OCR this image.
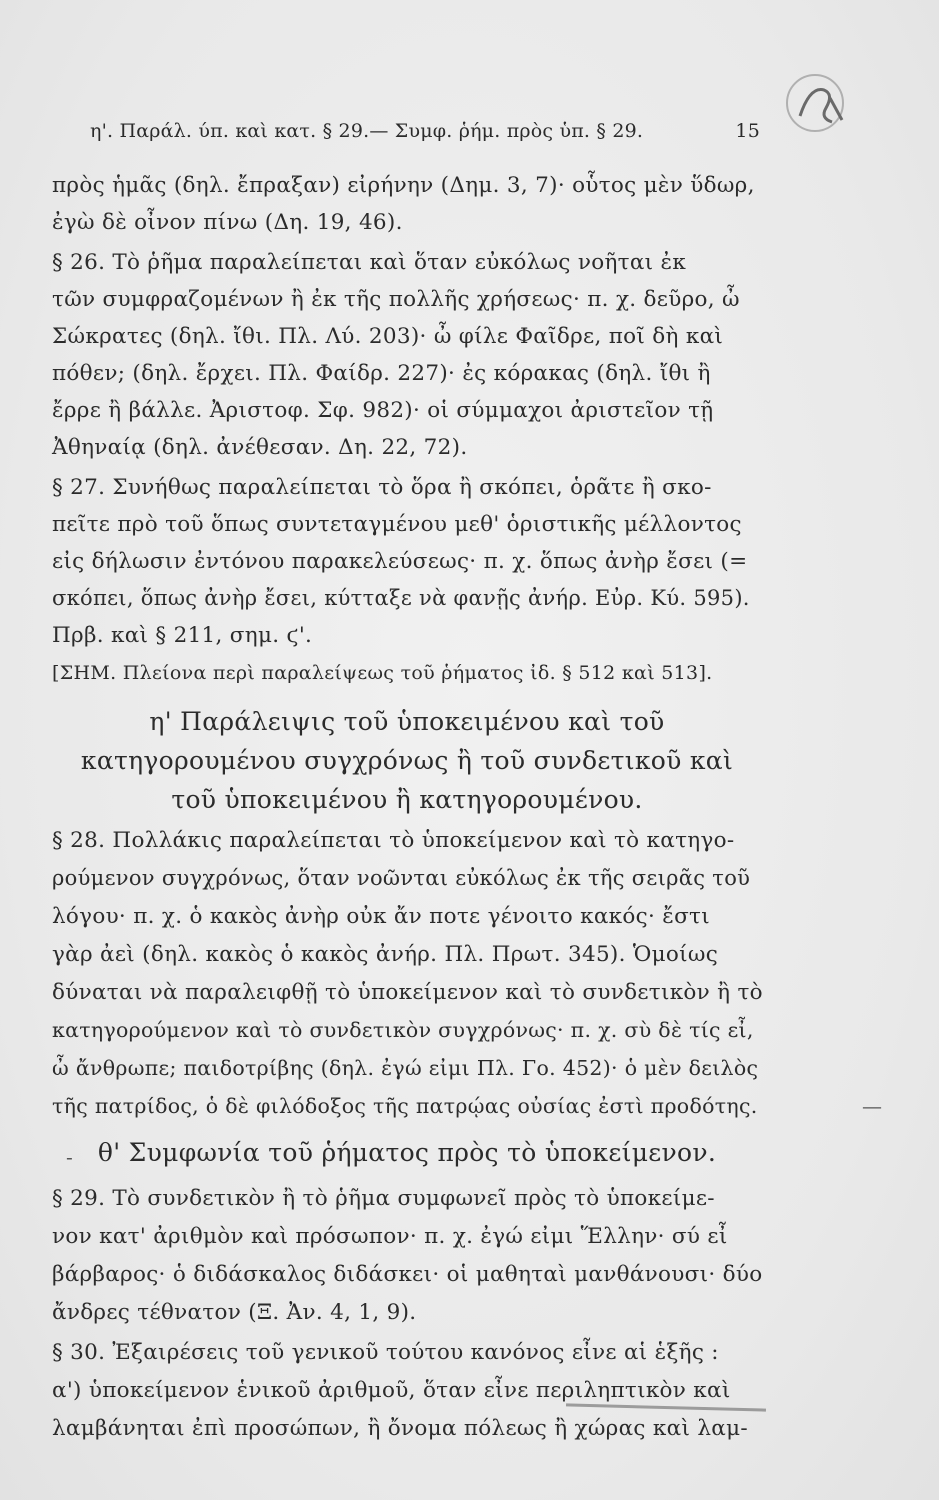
η'. Παράλ. ύπ. καὶ κατ. § 29.— Συμφ. ῥήμ. πρὸς ὑπ. § 29.	15
πρὸς ἡμᾶς (δηλ. ἔπραξαν) εἰρήνην (Δημ. 3, 7)· οὗτος μὲν ὕδωρ,
ἐγὼ δὲ οἶνον πίνω (Δη. 19, 46).
§ 26. Τὸ ῥῆμα παραλείπεται καὶ ὅταν εὐκόλως νοῆται ἐκ
τῶν συμφραζομένων ἢ ἐκ τῆς πολλῆς χρήσεως· π. χ. δεῦρο, ὦ
Σώκρατες (δηλ. ἴθι. Πλ. Λύ. 203)· ὦ φίλε Φαῖδρε, ποῖ δὴ καὶ
πόθεν; (δηλ. ἔρχει. Πλ. Φαίδρ. 227)· ἐς κόρακας (δηλ. ἴθι ἢ
ἔρρε ἢ βάλλε. Ἀριστοφ. Σφ. 982)· οἱ σύμμαχοι ἀριστεῖον τῇ
Ἀθηναίᾳ (δηλ. ἀνέθεσαν. Δη. 22, 72).
§ 27. Συνήθως παραλείπεται τὸ ὅρα ἢ σκόπει, ὁρᾶτε ἢ σκο-
πεῖτε πρὸ τοῦ ὅπως συντεταγμένου μεθ' ὁριστικῆς μέλλοντος
εἰς δήλωσιν ἐντόνου παρακελεύσεως· π. χ. ὅπως ἀνὴρ ἔσει (=
σκόπει, ὅπως ἀνὴρ ἔσει, κύτταξε νὰ φανῇς ἀνήρ. Εὐρ. Κύ. 595).
Πρβ. καὶ § 211, σημ. ϛ'.
[ΣΗΜ. Πλείονα περὶ παραλείψεως τοῦ ῥήματος ἰδ. § 512 καὶ 513].
η' Παράλειψις τοῦ ὑποκειμένου καὶ τοῦ
κατηγορουμένου συγχρόνως ἢ τοῦ συνδετικοῦ καὶ
τοῦ ὑποκειμένου ἢ κατηγορουμένου.
§ 28. Πολλάκις παραλείπεται τὸ ὑποκείμενον καὶ τὸ κατηγο-
ρούμενον συγχρόνως, ὅταν νοῶνται εὐκόλως ἐκ τῆς σειρᾶς τοῦ
λόγου· π. χ. ὁ κακὸς ἀνὴρ οὐκ ἄν ποτε γένοιτο κακός· ἔστι
γὰρ ἀεὶ (δηλ. κακὸς ὁ κακὸς ἀνήρ. Πλ. Πρωτ. 345). Ὁμοίως
δύναται νὰ παραλειφθῇ τὸ ὑποκείμενον καὶ τὸ συνδετικὸν ἢ τὸ
κατηγορούμενον καὶ τὸ συνδετικὸν συγχρόνως· π. χ. σὺ δὲ τίς εἶ,
ὦ ἄνθρωπε; παιδοτρίβης (δηλ. ἐγώ εἰμι Πλ. Γο. 452)· ὁ μὲν δειλὸς
τῆς πατρίδος, ὁ δὲ φιλόδοξος τῆς πατρῴας οὐσίας ἐστὶ προδότης.	—
-	θ' Συμφωνία τοῦ ῥήματος πρὸς τὸ ὑποκείμενον.
§ 29. Τὸ συνδετικὸν ἢ τὸ ῥῆμα συμφωνεῖ πρὸς τὸ ὑποκείμε-
νον κατ' ἀριθμὸν καὶ πρόσωπον· π. χ. ἐγώ εἰμι Ἕλλην· σύ εἶ
βάρβαρος· ὁ διδάσκαλος διδάσκει· οἱ μαθηταὶ μανθάνουσι· δύο
ἄνδρες τέθνατον (Ξ. Ἀν. 4, 1, 9).
§ 30. Ἐξαιρέσεις τοῦ γενικοῦ τούτου κανόνος εἶνε αἱ ἑξῆς :
α') ὑποκείμενον ἑνικοῦ ἀριθμοῦ, ὅταν εἶνε περιληπτικὸν καὶ
λαμβάνηται ἐπὶ προσώπων, ἢ ὄνομα πόλεως ἢ χώρας καὶ λαμ-
